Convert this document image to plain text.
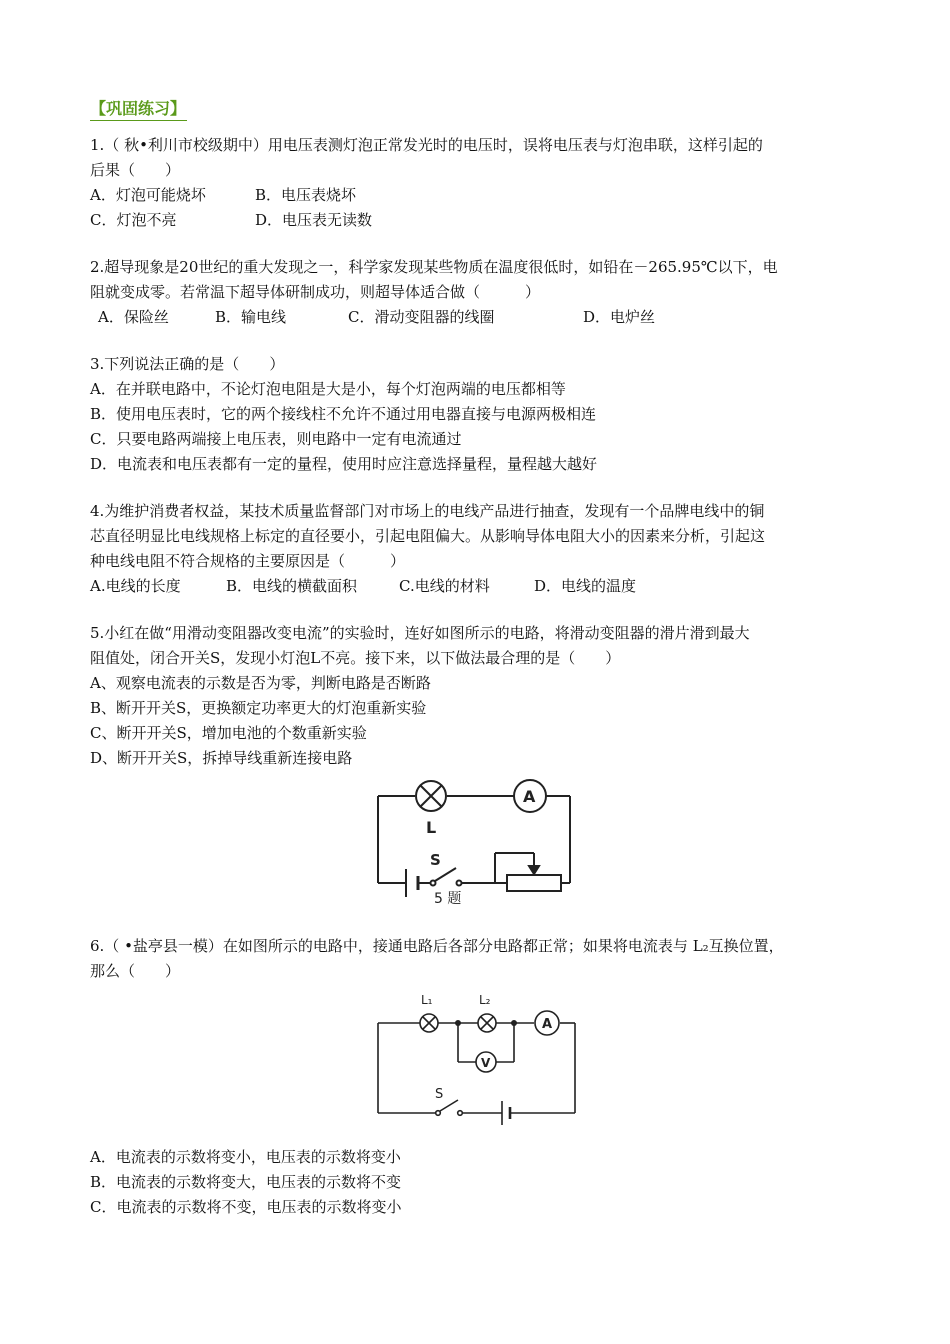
【巩固练习】
1.（ 秋•利川市校级期中）用电压表测灯泡正常发光时的电压时，误将电压表与灯泡串联，这样引起的
后果（　　）
A．灯泡可能烧坏	B．电压表烧坏
C．灯泡不亮	D．电压表无读数
2.超导现象是20世纪的重大发现之一，科学家发现某些物质在温度很低时，如铅在－265.95℃以下，电
阻就变成零。若常温下超导体研制成功，则超导体适合做（　　　）
A．保险丝	B．输电线	C．滑动变阻器的线圈	D．电炉丝
3.下列说法正确的是（　　）
A．在并联电路中，不论灯泡电阻是大是小，每个灯泡两端的电压都相等
B．使用电压表时，它的两个接线柱不允许不通过用电器直接与电源两极相连
C．只要电路两端接上电压表，则电路中一定有电流通过
D．电流表和电压表都有一定的量程，使用时应注意选择量程，量程越大越好
4.为维护消费者权益，某技术质量监督部门对市场上的电线产品进行抽查，发现有一个品牌电线中的铜
芯直径明显比电线规格上标定的直径要小，引起电阻偏大。从影响导体电阻大小的因素来分析，引起这
种电线电阻不符合规格的主要原因是（　　　）
A.电线的长度	B．电线的横截面积	C.电线的材料	D．电线的温度
5.小红在做“用滑动变阻器改变电流”的实验时，连好如图所示的电路，将滑动变阻器的滑片滑到最大
阻值处，闭合开关S，发现小灯泡L不亮。接下来，以下做法最合理的是（　　）
A、观察电流表的示数是否为零，判断电路是否断路
B、断开开关S，更换额定功率更大的灯泡重新实验
C、断开开关S，增加电池的个数重新实验
D、断开开关S，拆掉导线重新连接电路
L
A
S
5 题
6.（ •盐亭县一模）在如图所示的电路中，接通电路后各部分电路都正常；如果将电流表与 L₂互换位置，
那么（　　）
L₁	L₂
A
V
S
A．电流表的示数将变小，电压表的示数将变小
B．电流表的示数将变大，电压表的示数将不变
C．电流表的示数将不变，电压表的示数将变小
